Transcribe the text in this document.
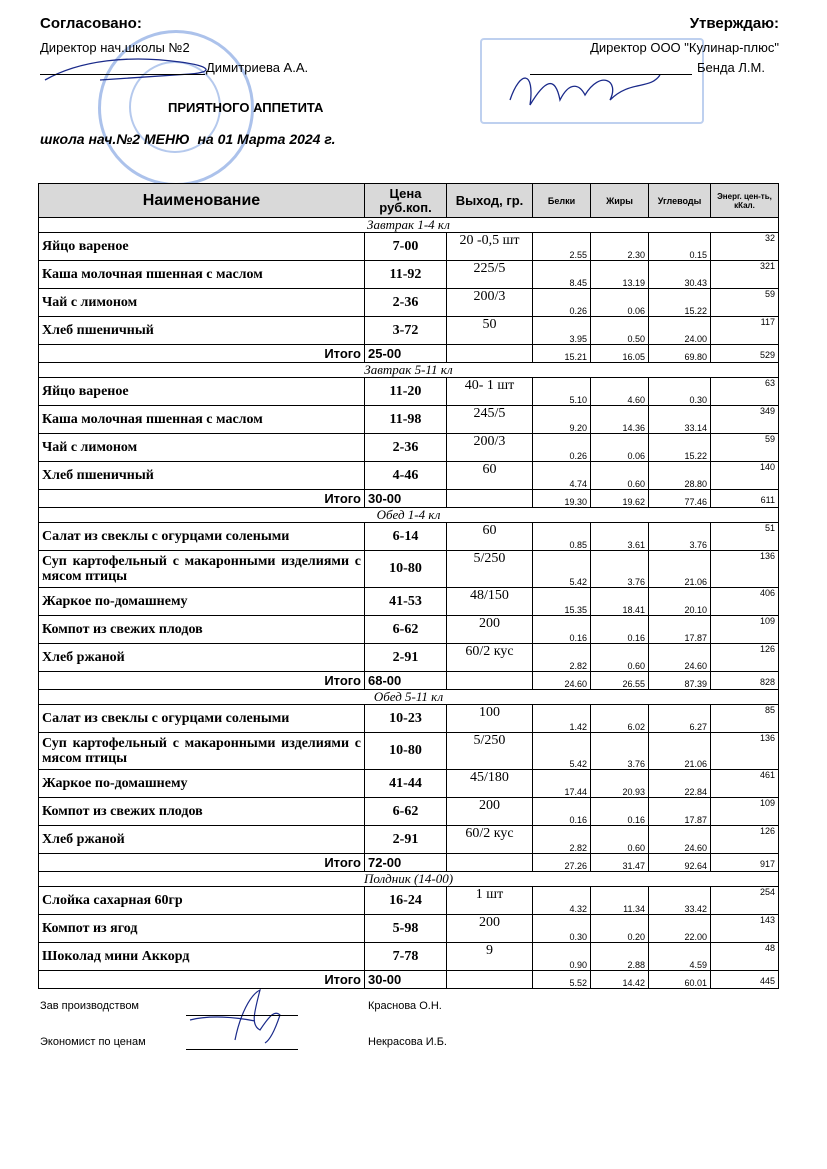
Согласовано:
Директор нач.школы №2
Димитриева А.А.
Утверждаю:
Директор ООО "Кулинар-плюс"
Бенда Л.М.
ПРИЯТНОГО АППЕТИТА
школа нач.№2 МЕНЮ  на 01 Марта 2024 г.
Наименование	Цена руб.коп.	Выход, гр.	Белки	Жиры	Углеводы	Энерг. цен-ть, кКал.
Завтрак 1-4 кл						
Яйцо вареное	7-00	20 -0,5 шт	2.55	2.30	0.15	32
Каша молочная пшенная с маслом	11-92	225/5	8.45	13.19	30.43	321
Чай с лимоном	2-36	200/3	0.26	0.06	15.22	59
Хлеб пшеничный	3-72	50	3.95	0.50	24.00	117
Итого	25-00		15.21	16.05	69.80	529
Завтрак 5-11 кл						
Яйцо вареное	11-20	40- 1 шт	5.10	4.60	0.30	63
Каша молочная пшенная с маслом	11-98	245/5	9.20	14.36	33.14	349
Чай с лимоном	2-36	200/3	0.26	0.06	15.22	59
Хлеб пшеничный	4-46	60	4.74	0.60	28.80	140
Итого	30-00		19.30	19.62	77.46	611
Обед 1-4 кл						
Салат из свеклы с огурцами солеными	6-14	60	0.85	3.61	3.76	51
Суп картофельный с макаронными изделиями с мясом птицы	10-80	5/250	5.42	3.76	21.06	136
Жаркое по-домашнему	41-53	48/150	15.35	18.41	20.10	406
Компот из свежих плодов	6-62	200	0.16	0.16	17.87	109
Хлеб ржаной	2-91	60/2 кус	2.82	0.60	24.60	126
Итого	68-00		24.60	26.55	87.39	828
Обед 5-11 кл						
Салат из свеклы с огурцами солеными	10-23	100	1.42	6.02	6.27	85
Суп картофельный с макаронными изделиями с мясом птицы	10-80	5/250	5.42	3.76	21.06	136
Жаркое по-домашнему	41-44	45/180	17.44	20.93	22.84	461
Компот из свежих плодов	6-62	200	0.16	0.16	17.87	109
Хлеб ржаной	2-91	60/2 кус	2.82	0.60	24.60	126
Итого	72-00		27.26	31.47	92.64	917
Полдник (14-00)						
Слойка сахарная 60гр	16-24	1 шт	4.32	11.34	33.42	254
Компот из ягод	5-98	200	0.30	0.20	22.00	143
Шоколад мини Аккорд	7-78	9	0.90	2.88	4.59	48
Итого	30-00		5.52	14.42	60.01	445
Зав производством	Краснова О.Н.
Экономист по ценам	Некрасова И.Б.
